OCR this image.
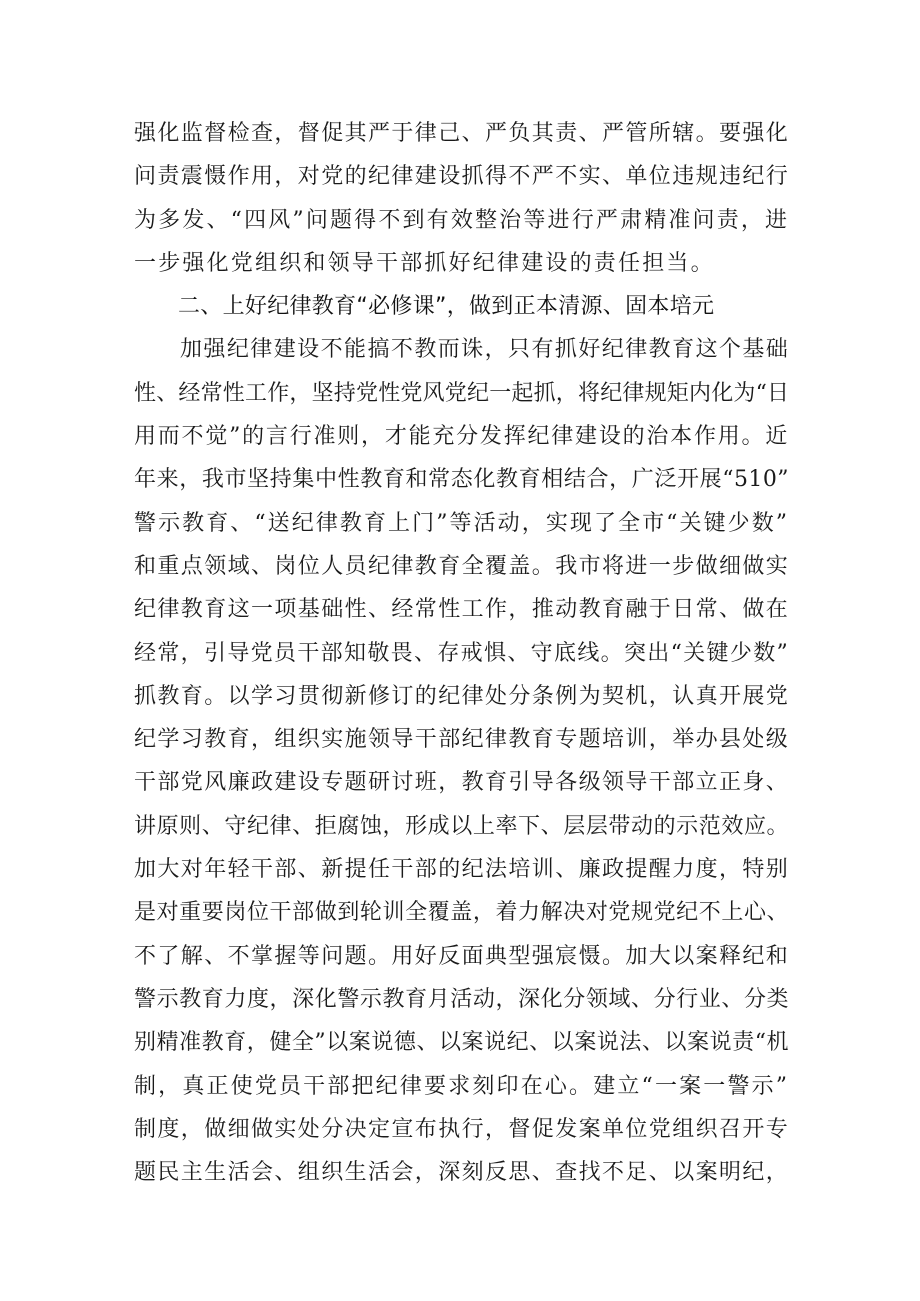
强化监督检查，督促其严于律己、严负其责、严管所辖。要强化
问责震慑作用，对党的纪律建设抓得不严不实、单位违规违纪行
为多发、“四风”问题得不到有效整治等进行严肃精准问责，进
一步强化党组织和领导干部抓好纪律建设的责任担当。
二、上好纪律教育“必修课”，做到正本清源、固本培元
加强纪律建设不能搞不教而诛，只有抓好纪律教育这个基础
性、经常性工作，坚持党性党风党纪一起抓，将纪律规矩内化为“日
用而不觉”的言行准则，才能充分发挥纪律建设的治本作用。近
年来，我市坚持集中性教育和常态化教育相结合，广泛开展“510”
警示教育、“送纪律教育上门”等活动，实现了全市“关键少数”
和重点领域、岗位人员纪律教育全覆盖。我市将进一步做细做实
纪律教育这一项基础性、经常性工作，推动教育融于日常、做在
经常，引导党员干部知敬畏、存戒惧、守底线。突出“关键少数”
抓教育。以学习贯彻新修订的纪律处分条例为契机，认真开展党
纪学习教育，组织实施领导干部纪律教育专题培训，举办县处级
干部党风廉政建设专题研讨班，教育引导各级领导干部立正身、
讲原则、守纪律、拒腐蚀，形成以上率下、层层带动的示范效应。
加大对年轻干部、新提任干部的纪法培训、廉政提醒力度，特别
是对重要岗位干部做到轮训全覆盖，着力解决对党规党纪不上心、
不了解、不掌握等问题。用好反面典型强宸慑。加大以案释纪和
警示教育力度，深化警示教育月活动，深化分领域、分行业、分类
别精准教育，健全”以案说德、以案说纪、以案说法、以案说责“机
制，真正使党员干部把纪律要求刻印在心。建立“一案一警示”
制度，做细做实处分决定宣布执行，督促发案单位党组织召开专
题民主生活会、组织生活会，深刻反思、查找不足、以案明纪，
